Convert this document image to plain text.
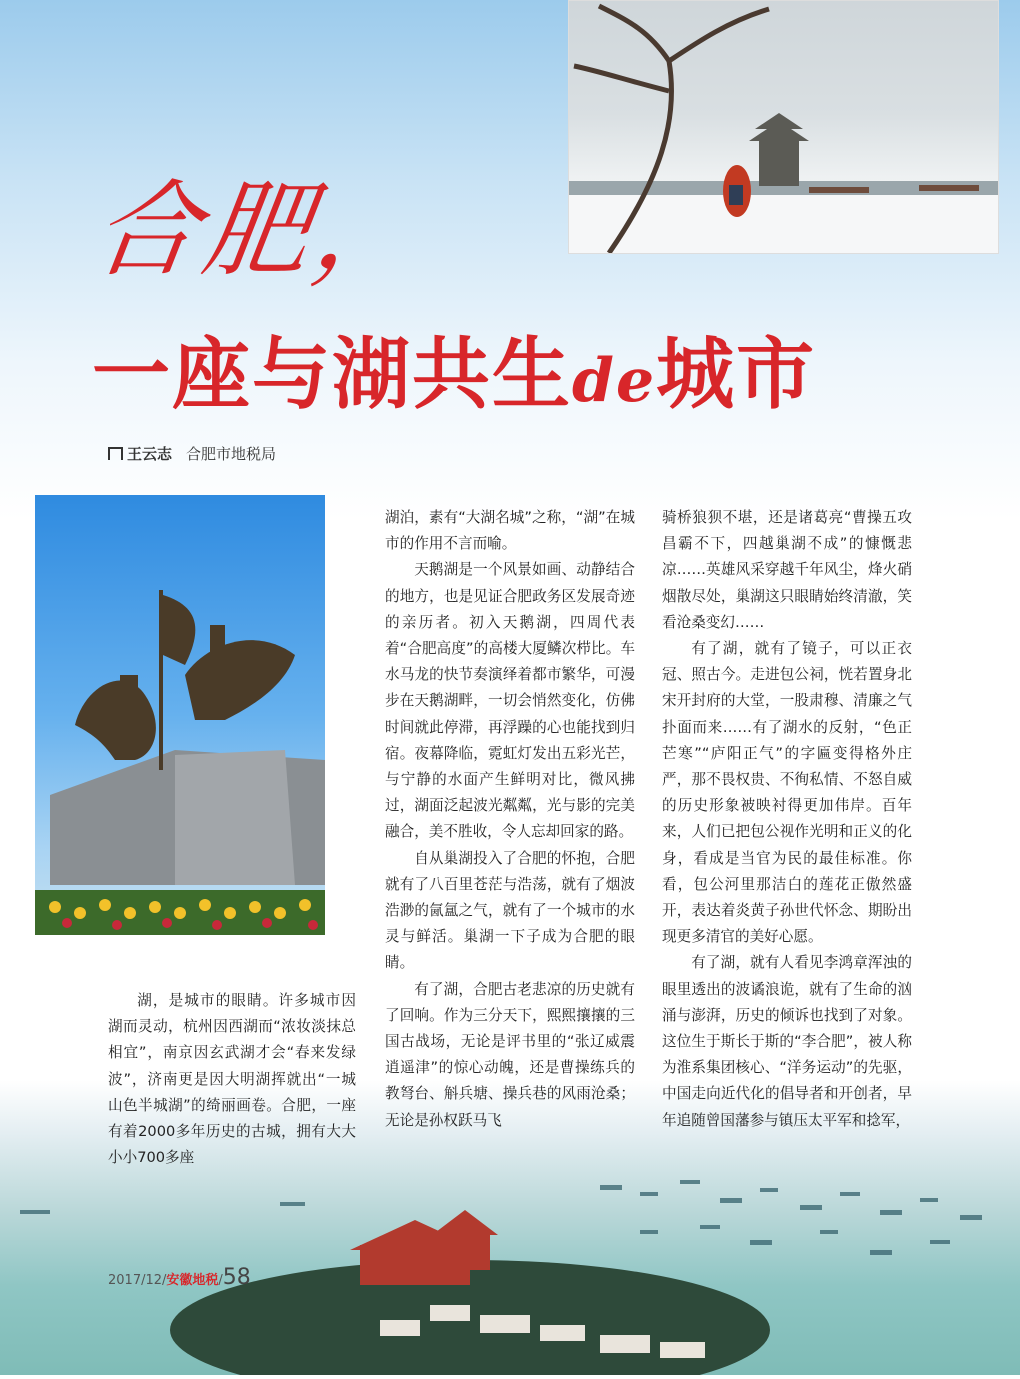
合肥，
一座与湖共生de城市
王云志 合肥市地税局

湖，是城市的眼睛。许多城市因湖而灵动，杭州因西湖而“浓妆淡抹总相宜”，南京因玄武湖才会“春来发绿波”，济南更是因大明湖挥就出“一城山色半城湖”的绮丽画卷。合肥，一座有着2000多年历史的古城，拥有大大小小700多座

湖泊，素有“大湖名城”之称，“湖”在城市的作用不言而喻。

天鹅湖是一个风景如画、动静结合的地方，也是见证合肥政务区发展奇迹的亲历者。初入天鹅湖，四周代表着“合肥高度”的高楼大厦鳞次栉比。车水马龙的快节奏演绎着都市繁华，可漫步在天鹅湖畔，一切会悄然变化，仿佛时间就此停滞，再浮躁的心也能找到归宿。夜幕降临，霓虹灯发出五彩光芒，与宁静的水面产生鲜明对比，微风拂过，湖面泛起波光粼粼，光与影的完美融合，美不胜收，令人忘却回家的路。

自从巢湖投入了合肥的怀抱，合肥就有了八百里苍茫与浩荡，就有了烟波浩渺的氤氲之气，就有了一个城市的水灵与鲜活。巢湖一下子成为合肥的眼睛。

有了湖，合肥古老悲凉的历史就有了回响。作为三分天下，熙熙攘攘的三国古战场，无论是评书里的“张辽威震逍遥津”的惊心动魄，还是曹操练兵的教弩台、斛兵塘、操兵巷的风雨沧桑；无论是孙权跃马飞

骑桥狼狈不堪，还是诸葛亮“曹操五攻昌霸不下，四越巢湖不成”的慷慨悲凉……英雄风采穿越千年风尘，烽火硝烟散尽处，巢湖这只眼睛始终清澈，笑看沧桑变幻……

有了湖，就有了镜子，可以正衣冠、照古今。走进包公祠，恍若置身北宋开封府的大堂，一股肃穆、清廉之气扑面而来……有了湖水的反射，“色正芒寒”“庐阳正气”的字匾变得格外庄严，那不畏权贵、不徇私情、不怒自威的历史形象被映衬得更加伟岸。百年来，人们已把包公视作光明和正义的化身，看成是当官为民的最佳标准。你看，包公河里那洁白的莲花正傲然盛开，表达着炎黄子孙世代怀念、期盼出现更多清官的美好心愿。

有了湖，就有人看见李鸿章浑浊的眼里透出的波谲浪诡，就有了生命的汹涌与澎湃，历史的倾诉也找到了对象。这位生于斯长于斯的“李合肥”，被人称为淮系集团核心、“洋务运动”的先驱，中国走向近代化的倡导者和开创者，早年追随曾国藩参与镇压太平军和捻军，

2017/12/安徽地税/58
